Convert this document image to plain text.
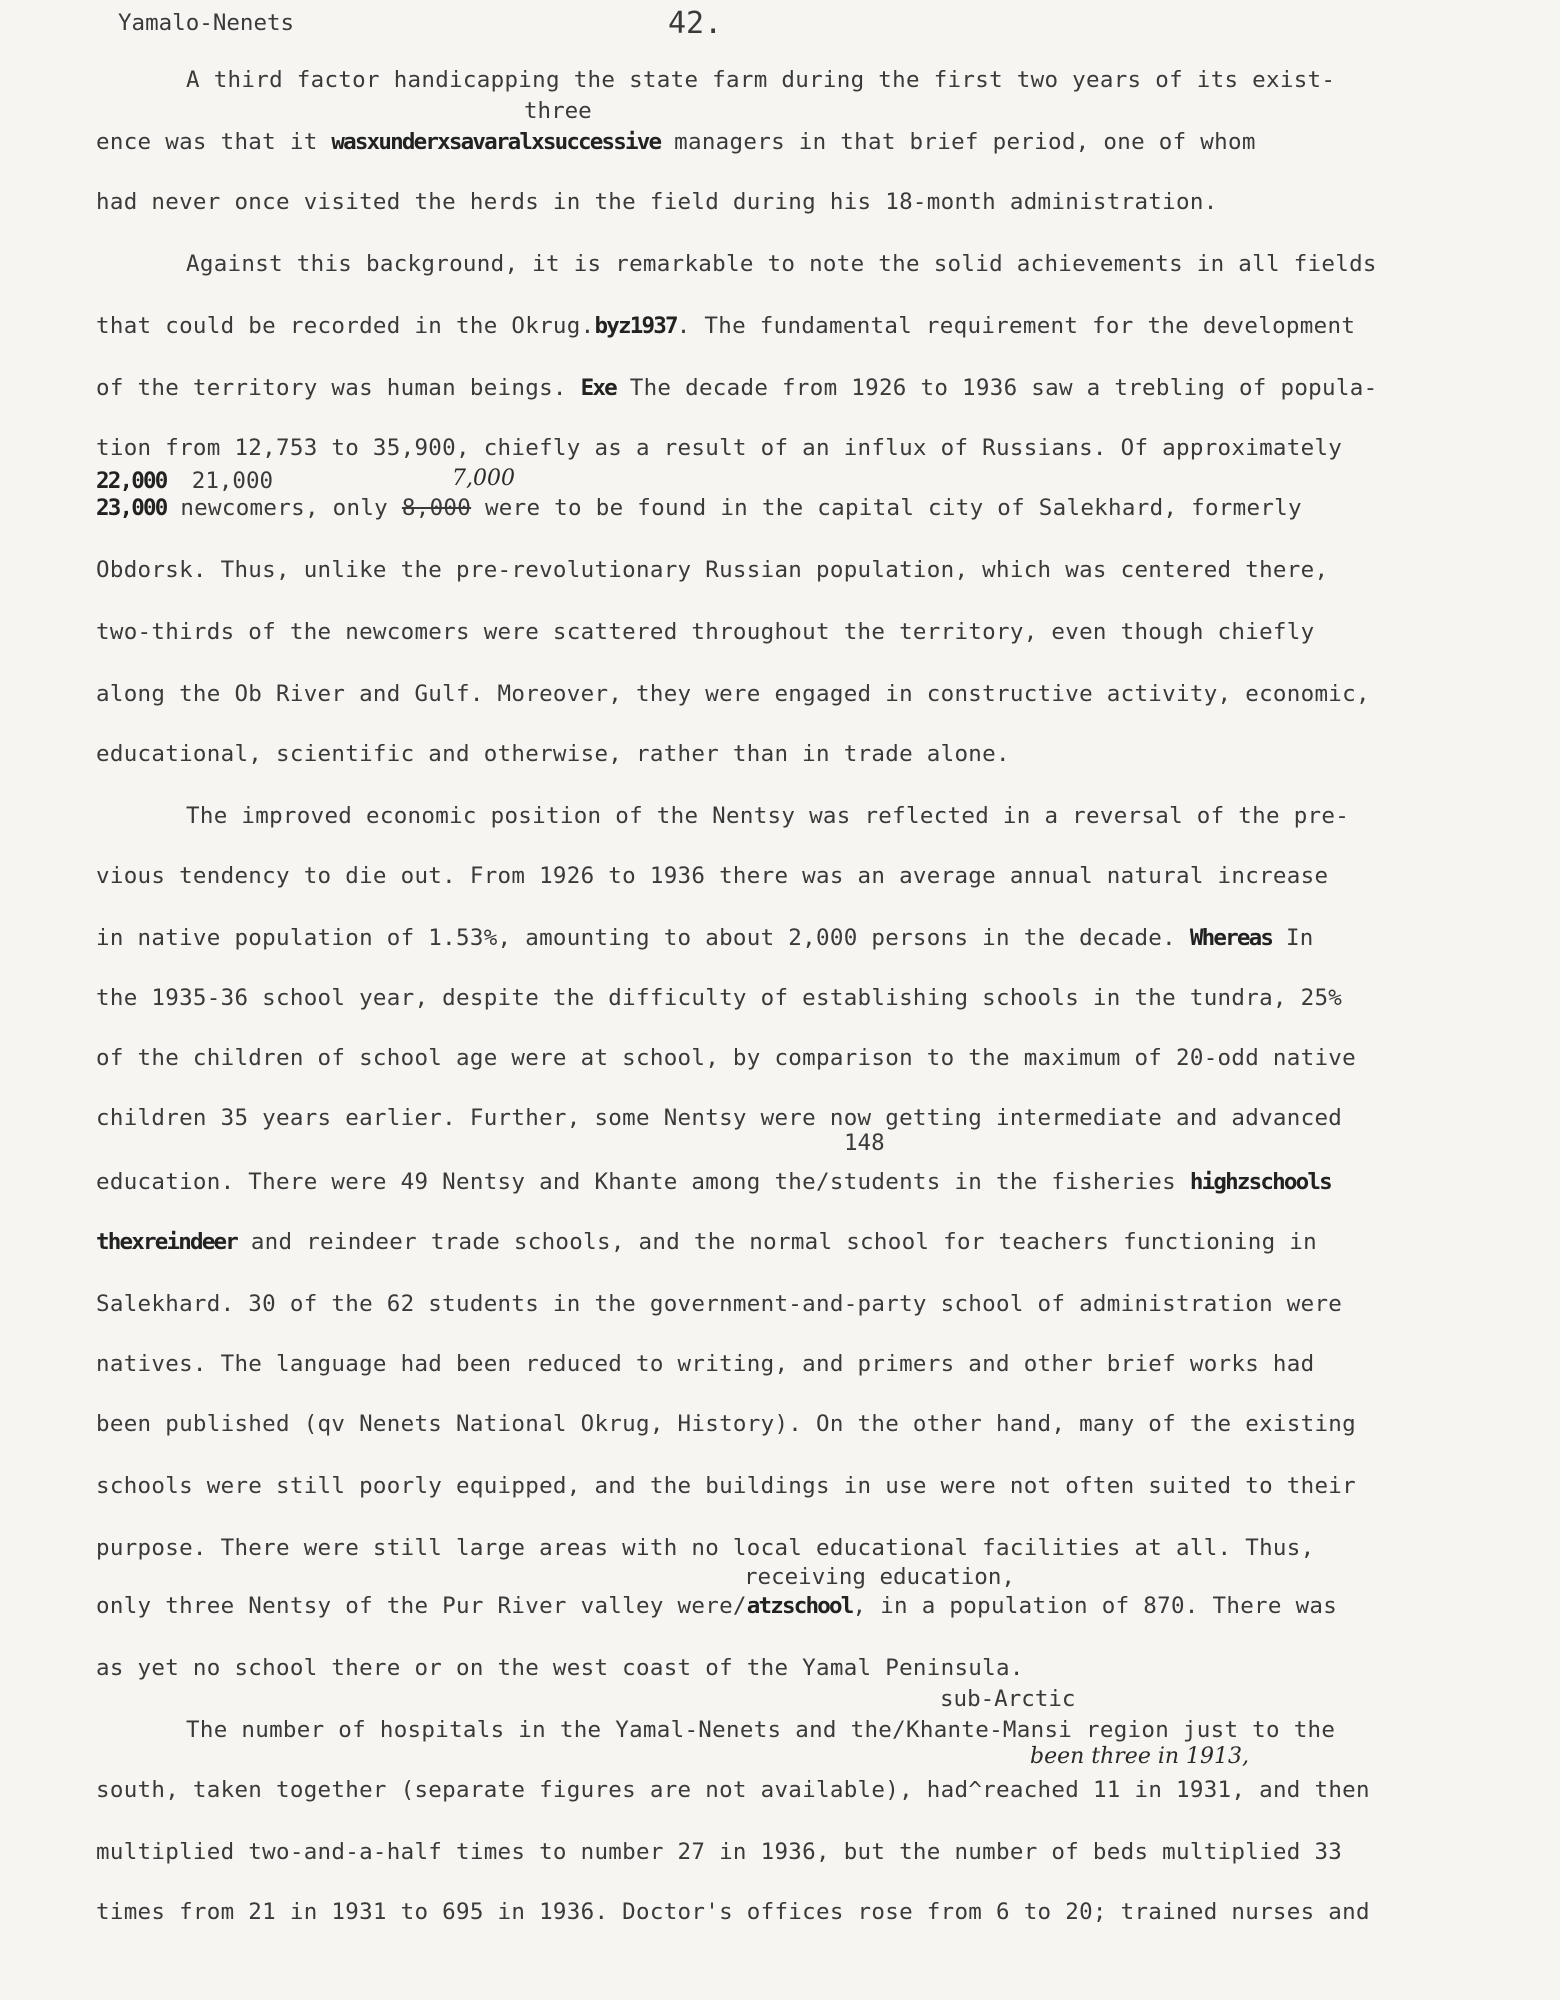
Yamalo-Nenets	42.
A third factor handicapping the state farm during the first two years of its exist-
ence was that it wasxunderxsavaralxsuccessive managers in that brief period, one of whom
had never once visited the herds in the field during his 18-month administration.
Against this background, it is remarkable to note the solid achievements in all fields
that could be recorded in the Okrug.byz1937. The fundamental requirement for the development
of the territory was human beings. Exe The decade from 1926 to 1936 saw a trebling of popula-
tion from 12,753 to 35,900, chiefly as a result of an influx of Russians. Of approximately
23,000 newcomers, only 8,000 were to be found in the capital city of Salekhard, formerly
Obdorsk. Thus, unlike the pre-revolutionary Russian population, which was centered there,
two-thirds of the newcomers were scattered throughout the territory, even though chiefly
along the Ob River and Gulf. Moreover, they were engaged in constructive activity, economic,
educational, scientific and otherwise, rather than in trade alone.
The improved economic position of the Nentsy was reflected in a reversal of the pre-
vious tendency to die out. From 1926 to 1936 there was an average annual natural increase
in native population of 1.53%, amounting to about 2,000 persons in the decade. Whereas In
the 1935-36 school year, despite the difficulty of establishing schools in the tundra, 25%
of the children of school age were at school, by comparison to the maximum of 20-odd native
children 35 years earlier. Further, some Nentsy were now getting intermediate and advanced
education. There were 49 Nentsy and Khante among the/students in the fisheries highzschools
thexreindeer and reindeer trade schools, and the normal school for teachers functioning in
Salekhard. 30 of the 62 students in the government-and-party school of administration were
natives. The language had been reduced to writing, and primers and other brief works had
been published (qv Nenets National Okrug, History). On the other hand, many of the existing
schools were still poorly equipped, and the buildings in use were not often suited to their
purpose. There were still large areas with no local educational facilities at all. Thus,
only three Nentsy of the Pur River valley were/atzschool, in a population of 870. There was
as yet no school there or on the west coast of the Yamal Peninsula.
The number of hospitals in the Yamal-Nenets and the/Khante-Mansi region just to the
south, taken together (separate figures are not available), had^reached 11 in 1931, and then
multiplied two-and-a-half times to number 27 in 1936, but the number of beds multiplied 33
times from 21 in 1931 to 695 in 1936. Doctor's offices rose from 6 to 20; trained nurses and
three
22,000  21,000
148
receiving education,
sub-Arctic
7,000
been three in 1913,
